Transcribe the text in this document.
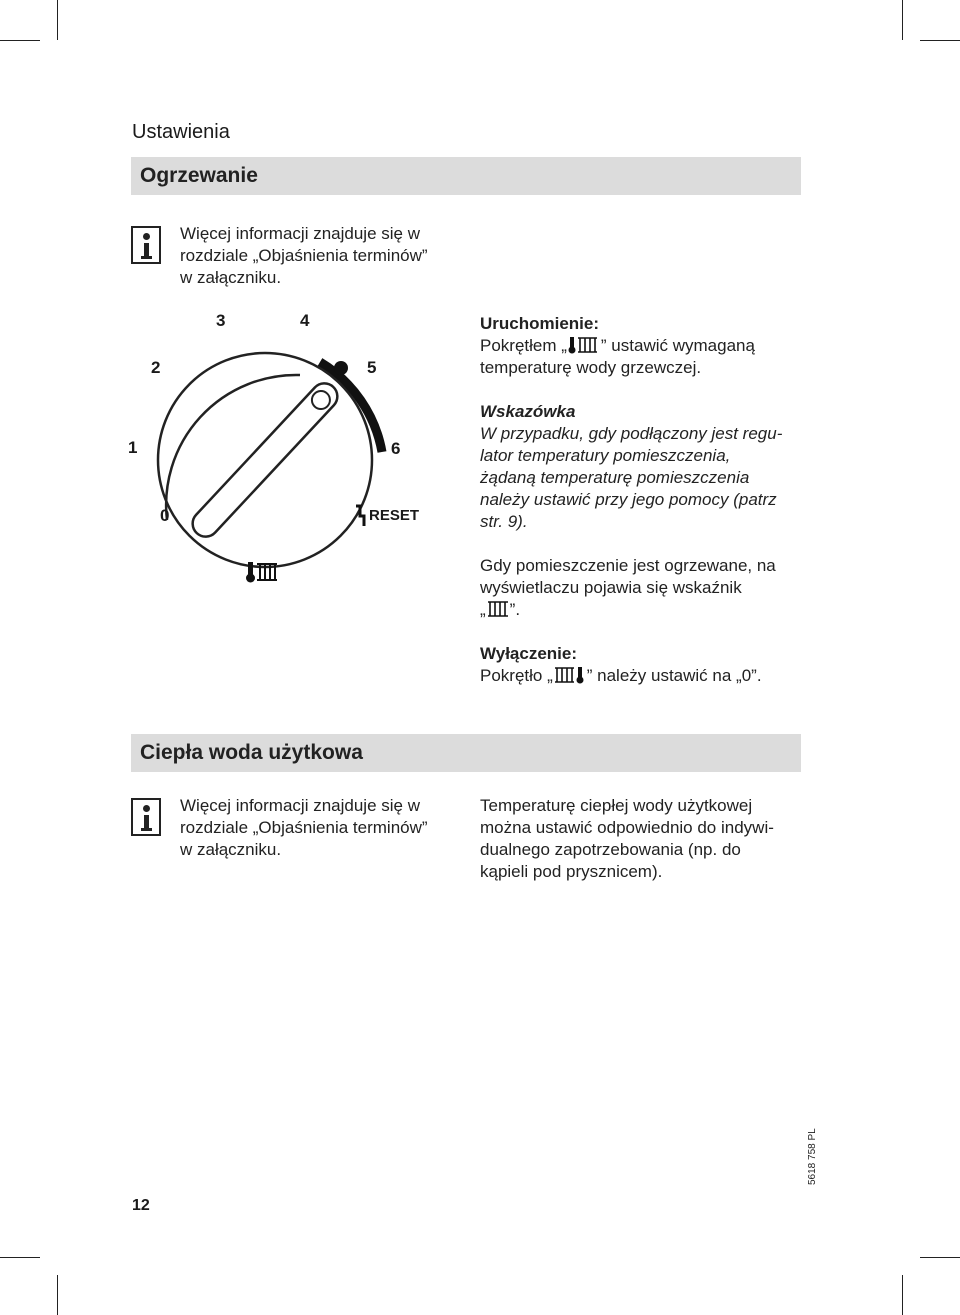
Ustawienia
Ogrzewanie
Więcej informacji znajduje się w
rozdziale „Objaśnienia terminów”
w załączniku.
0
1
2
3	4
5
6
RESET
Uruchomienie:
Pokrętłem „ ” ustawić wymaganą
temperaturę wody grzewczej.
Wskazówka
W przypadku, gdy podłączony jest regu-
lator temperatury pomieszczenia,
żądaną temperaturę pomieszczenia
należy ustawić przy jego pomocy (patrz
str. 9).
Gdy pomieszczenie jest ogrzewane, na
wyświetlaczu pojawia się wskaźnik
„ ”.
Wyłączenie:
Pokrętło „ ” należy ustawić na „0”.
Ciepła woda użytkowa
Więcej informacji znajduje się w
rozdziale „Objaśnienia terminów”
w załączniku.
Temperaturę ciepłej wody użytkowej
można ustawić odpowiednio do indywi-
dualnego zapotrzebowania (np. do
kąpieli pod prysznicem).
12
5618 758 PL
